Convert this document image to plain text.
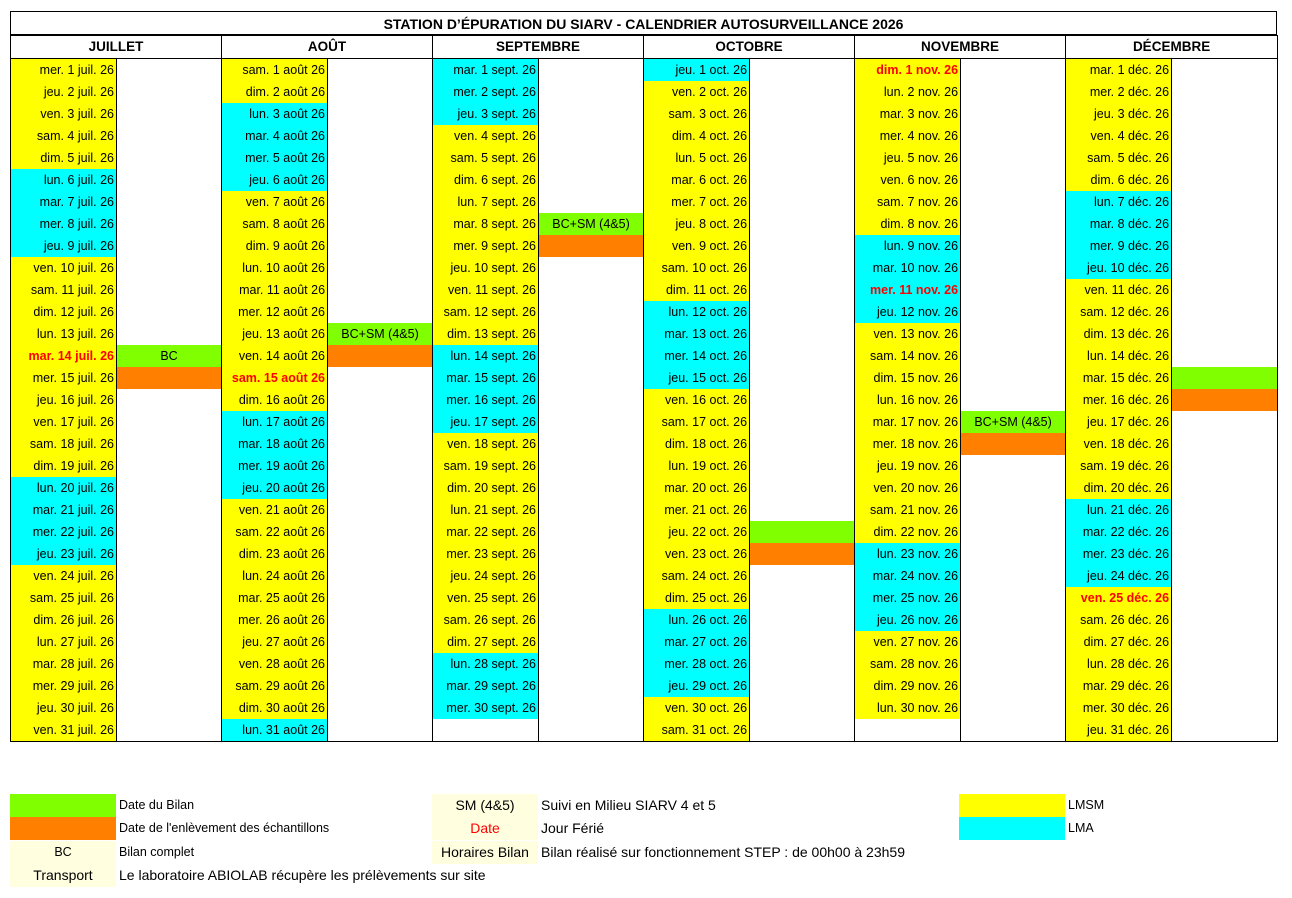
STATION D’ÉPURATION DU SIARV - CALENDRIER AUTOSURVEILLANCE 2026
JUILLET		AOÛT		SEPTEMBRE		OCTOBRE		NOVEMBRE		DÉCEMBRE	
mer. 1 juil. 26		sam. 1 août 26		mar. 1 sept. 26		jeu. 1 oct. 26		dim. 1 nov. 26		mar. 1 déc. 26	
jeu. 2 juil. 26		dim. 2 août 26		mer. 2 sept. 26		ven. 2 oct. 26		lun. 2 nov. 26		mer. 2 déc. 26	
ven. 3 juil. 26		lun. 3 août 26		jeu. 3 sept. 26		sam. 3 oct. 26		mar. 3 nov. 26		jeu. 3 déc. 26	
sam. 4 juil. 26		mar. 4 août 26		ven. 4 sept. 26		dim. 4 oct. 26		mer. 4 nov. 26		ven. 4 déc. 26	
dim. 5 juil. 26		mer. 5 août 26		sam. 5 sept. 26		lun. 5 oct. 26		jeu. 5 nov. 26		sam. 5 déc. 26	
lun. 6 juil. 26		jeu. 6 août 26		dim. 6 sept. 26		mar. 6 oct. 26		ven. 6 nov. 26		dim. 6 déc. 26	
mar. 7 juil. 26		ven. 7 août 26		lun. 7 sept. 26		mer. 7 oct. 26		sam. 7 nov. 26		lun. 7 déc. 26	
mer. 8 juil. 26		sam. 8 août 26		mar. 8 sept. 26	BC+SM (4&5)	jeu. 8 oct. 26		dim. 8 nov. 26		mar. 8 déc. 26	
jeu. 9 juil. 26		dim. 9 août 26		mer. 9 sept. 26		ven. 9 oct. 26		lun. 9 nov. 26		mer. 9 déc. 26	
ven. 10 juil. 26		lun. 10 août 26		jeu. 10 sept. 26		sam. 10 oct. 26		mar. 10 nov. 26		jeu. 10 déc. 26	
sam. 11 juil. 26		mar. 11 août 26		ven. 11 sept. 26		dim. 11 oct. 26		mer. 11 nov. 26		ven. 11 déc. 26	
dim. 12 juil. 26		mer. 12 août 26		sam. 12 sept. 26		lun. 12 oct. 26		jeu. 12 nov. 26		sam. 12 déc. 26	
lun. 13 juil. 26		jeu. 13 août 26	BC+SM (4&5)	dim. 13 sept. 26		mar. 13 oct. 26		ven. 13 nov. 26		dim. 13 déc. 26	
mar. 14 juil. 26	BC	ven. 14 août 26		lun. 14 sept. 26		mer. 14 oct. 26		sam. 14 nov. 26		lun. 14 déc. 26	
mer. 15 juil. 26		sam. 15 août 26		mar. 15 sept. 26		jeu. 15 oct. 26		dim. 15 nov. 26		mar. 15 déc. 26	
jeu. 16 juil. 26		dim. 16 août 26		mer. 16 sept. 26		ven. 16 oct. 26		lun. 16 nov. 26		mer. 16 déc. 26	
ven. 17 juil. 26		lun. 17 août 26		jeu. 17 sept. 26		sam. 17 oct. 26		mar. 17 nov. 26	BC+SM (4&5)	jeu. 17 déc. 26	
sam. 18 juil. 26		mar. 18 août 26		ven. 18 sept. 26		dim. 18 oct. 26		mer. 18 nov. 26		ven. 18 déc. 26	
dim. 19 juil. 26		mer. 19 août 26		sam. 19 sept. 26		lun. 19 oct. 26		jeu. 19 nov. 26		sam. 19 déc. 26	
lun. 20 juil. 26		jeu. 20 août 26		dim. 20 sept. 26		mar. 20 oct. 26		ven. 20 nov. 26		dim. 20 déc. 26	
mar. 21 juil. 26		ven. 21 août 26		lun. 21 sept. 26		mer. 21 oct. 26		sam. 21 nov. 26		lun. 21 déc. 26	
mer. 22 juil. 26		sam. 22 août 26		mar. 22 sept. 26		jeu. 22 oct. 26		dim. 22 nov. 26		mar. 22 déc. 26	
jeu. 23 juil. 26		dim. 23 août 26		mer. 23 sept. 26		ven. 23 oct. 26		lun. 23 nov. 26		mer. 23 déc. 26	
ven. 24 juil. 26		lun. 24 août 26		jeu. 24 sept. 26		sam. 24 oct. 26		mar. 24 nov. 26		jeu. 24 déc. 26	
sam. 25 juil. 26		mar. 25 août 26		ven. 25 sept. 26		dim. 25 oct. 26		mer. 25 nov. 26		ven. 25 déc. 26	
dim. 26 juil. 26		mer. 26 août 26		sam. 26 sept. 26		lun. 26 oct. 26		jeu. 26 nov. 26		sam. 26 déc. 26	
lun. 27 juil. 26		jeu. 27 août 26		dim. 27 sept. 26		mar. 27 oct. 26		ven. 27 nov. 26		dim. 27 déc. 26	
mar. 28 juil. 26		ven. 28 août 26		lun. 28 sept. 26		mer. 28 oct. 26		sam. 28 nov. 26		lun. 28 déc. 26	
mer. 29 juil. 26		sam. 29 août 26		mar. 29 sept. 26		jeu. 29 oct. 26		dim. 29 nov. 26		mar. 29 déc. 26	
jeu. 30 juil. 26		dim. 30 août 26		mer. 30 sept. 26		ven. 30 oct. 26		lun. 30 nov. 26		mer. 30 déc. 26	
ven. 31 juil. 26		lun. 31 août 26				sam. 31 oct. 26				jeu. 31 déc. 26	
Date du Bilan
Date de l'enlèvement des échantillons
BC	Bilan complet
Transport	Le laboratoire ABIOLAB récupère les prélèvements sur site
SM (4&5)	Suivi en Milieu SIARV 4 et 5
Date	Jour Férié
Horaires Bilan Bilan réalisé sur fonctionnement STEP : de 00h00 à 23h59
LMSM
LMA
